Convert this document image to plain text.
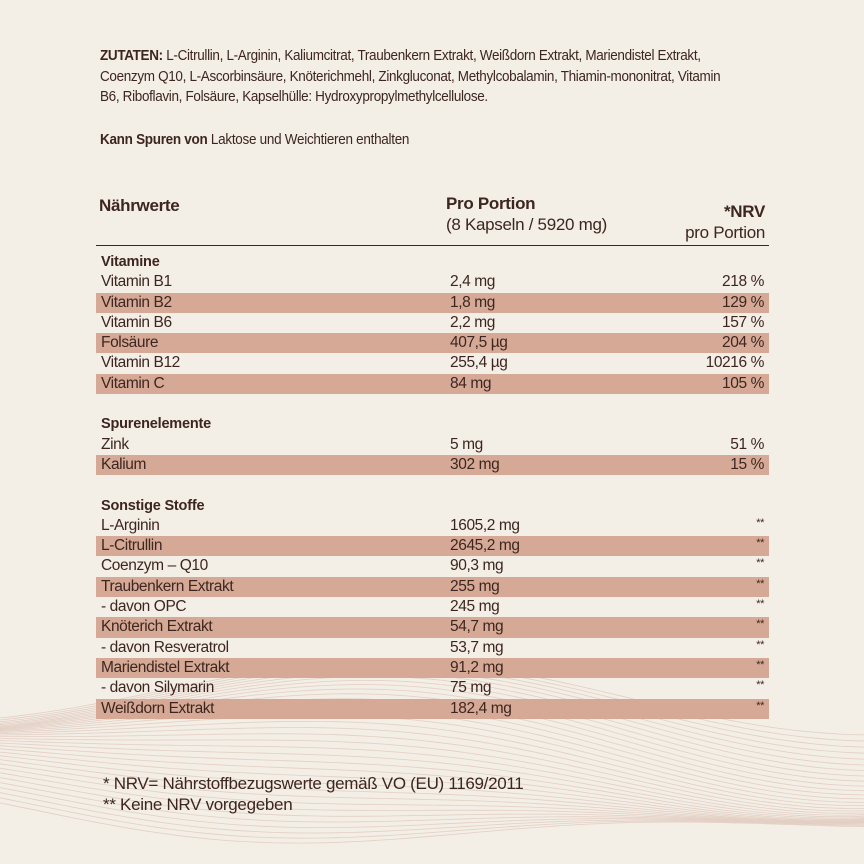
ZUTATEN: L-Citrullin, L-Arginin, Kaliumcitrat, Traubenkern Extrakt, Weißdorn Extrakt, Mariendistel Extrakt, Coenzym Q10, L-Ascorbinsäure, Knöterichmehl, Zinkgluconat, Methylcobalamin, Thiamin-mononitrat, Vitamin B6, Riboflavin, Folsäure, Kapselhülle: Hydroxypropylmethylcellulose.
Kann Spuren von Laktose und Weichtieren enthalten
Nährwerte	Pro Portion
(8 Kapseln / 5920 mg)
*NRV
pro Portion
Vitamine
Vitamin B1	2,4 mg	218 %
Vitamin B2	1,8 mg	129 %
Vitamin B6	2,2 mg	157 %
Folsäure	407,5 µg	204 %
Vitamin B12	255,4 µg	10216 %
Vitamin C	84 mg	105 %
Spurenelemente
Zink	5 mg	51 %
Kalium	302 mg	15 %
Sonstige Stoffe
L-Arginin	1605,2 mg	**
L-Citrullin	2645,2 mg	**
Coenzym – Q10	90,3 mg	**
Traubenkern Extrakt	255 mg	**
- davon OPC	245 mg	**
Knöterich Extrakt	54,7 mg	**
- davon Resveratrol	53,7 mg	**
Mariendistel Extrakt	91,2 mg	**
- davon Silymarin	75 mg	**
Weißdorn Extrakt	182,4 mg	**
* NRV= Nährstoffbezugswerte gemäß VO (EU) 1169/2011
** Keine NRV vorgegeben
